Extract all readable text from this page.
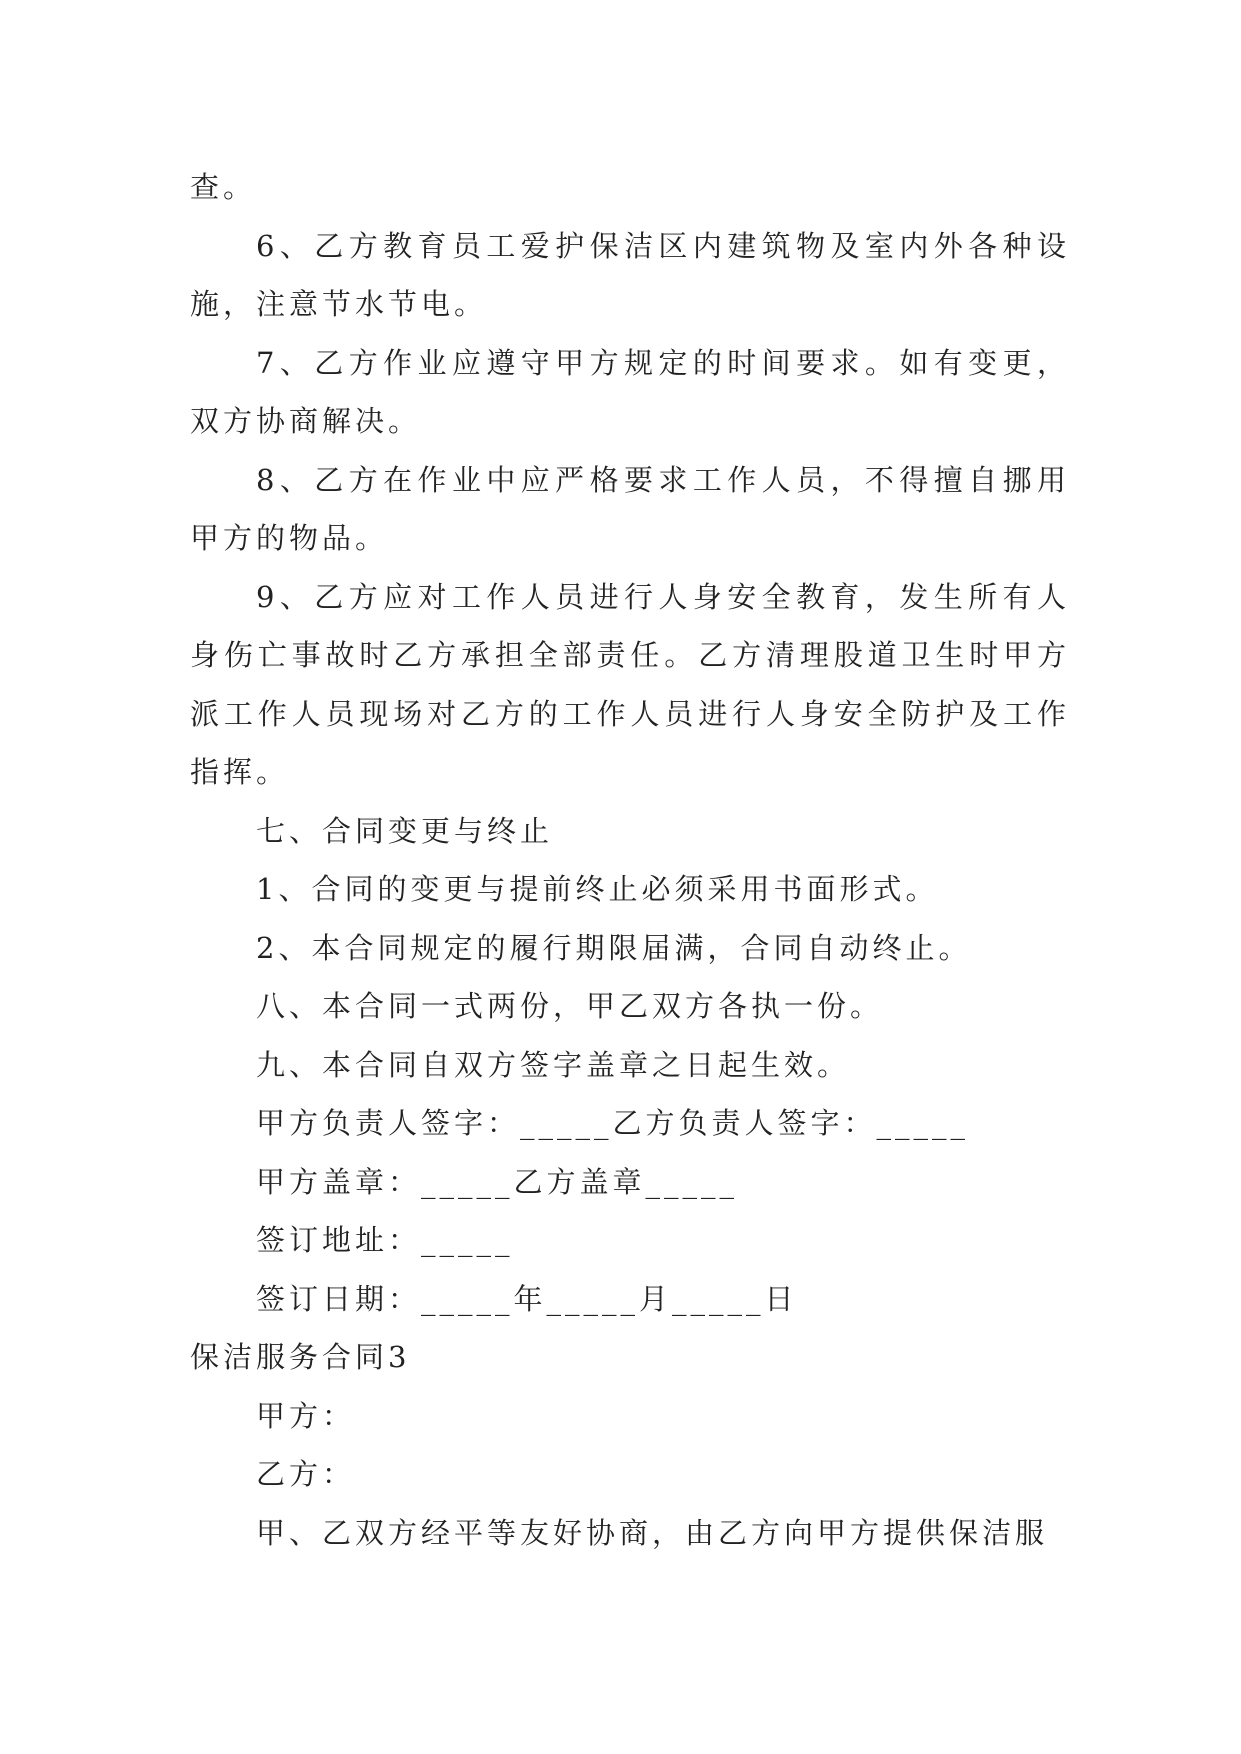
查。

6、乙方教育员工爱护保洁区内建筑物及室内外各种设施，注意节水节电。

7、乙方作业应遵守甲方规定的时间要求。如有变更，双方协商解决。

8、乙方在作业中应严格要求工作人员，不得擅自挪用甲方的物品。

9、乙方应对工作人员进行人身安全教育，发生所有人身伤亡事故时乙方承担全部责任。乙方清理股道卫生时甲方派工作人员现场对乙方的工作人员进行人身安全防护及工作指挥。

七、合同变更与终止

1、合同的变更与提前终止必须采用书面形式。

2、本合同规定的履行期限届满，合同自动终止。

八、本合同一式两份，甲乙双方各执一份。

九、本合同自双方签字盖章之日起生效。

甲方负责人签字：_____乙方负责人签字：_____

甲方盖章：_____乙方盖章_____

签订地址：_____

签订日期：_____年_____月_____日

保洁服务合同3

甲方：

乙方：

甲、乙双方经平等友好协商，由乙方向甲方提供保洁服
